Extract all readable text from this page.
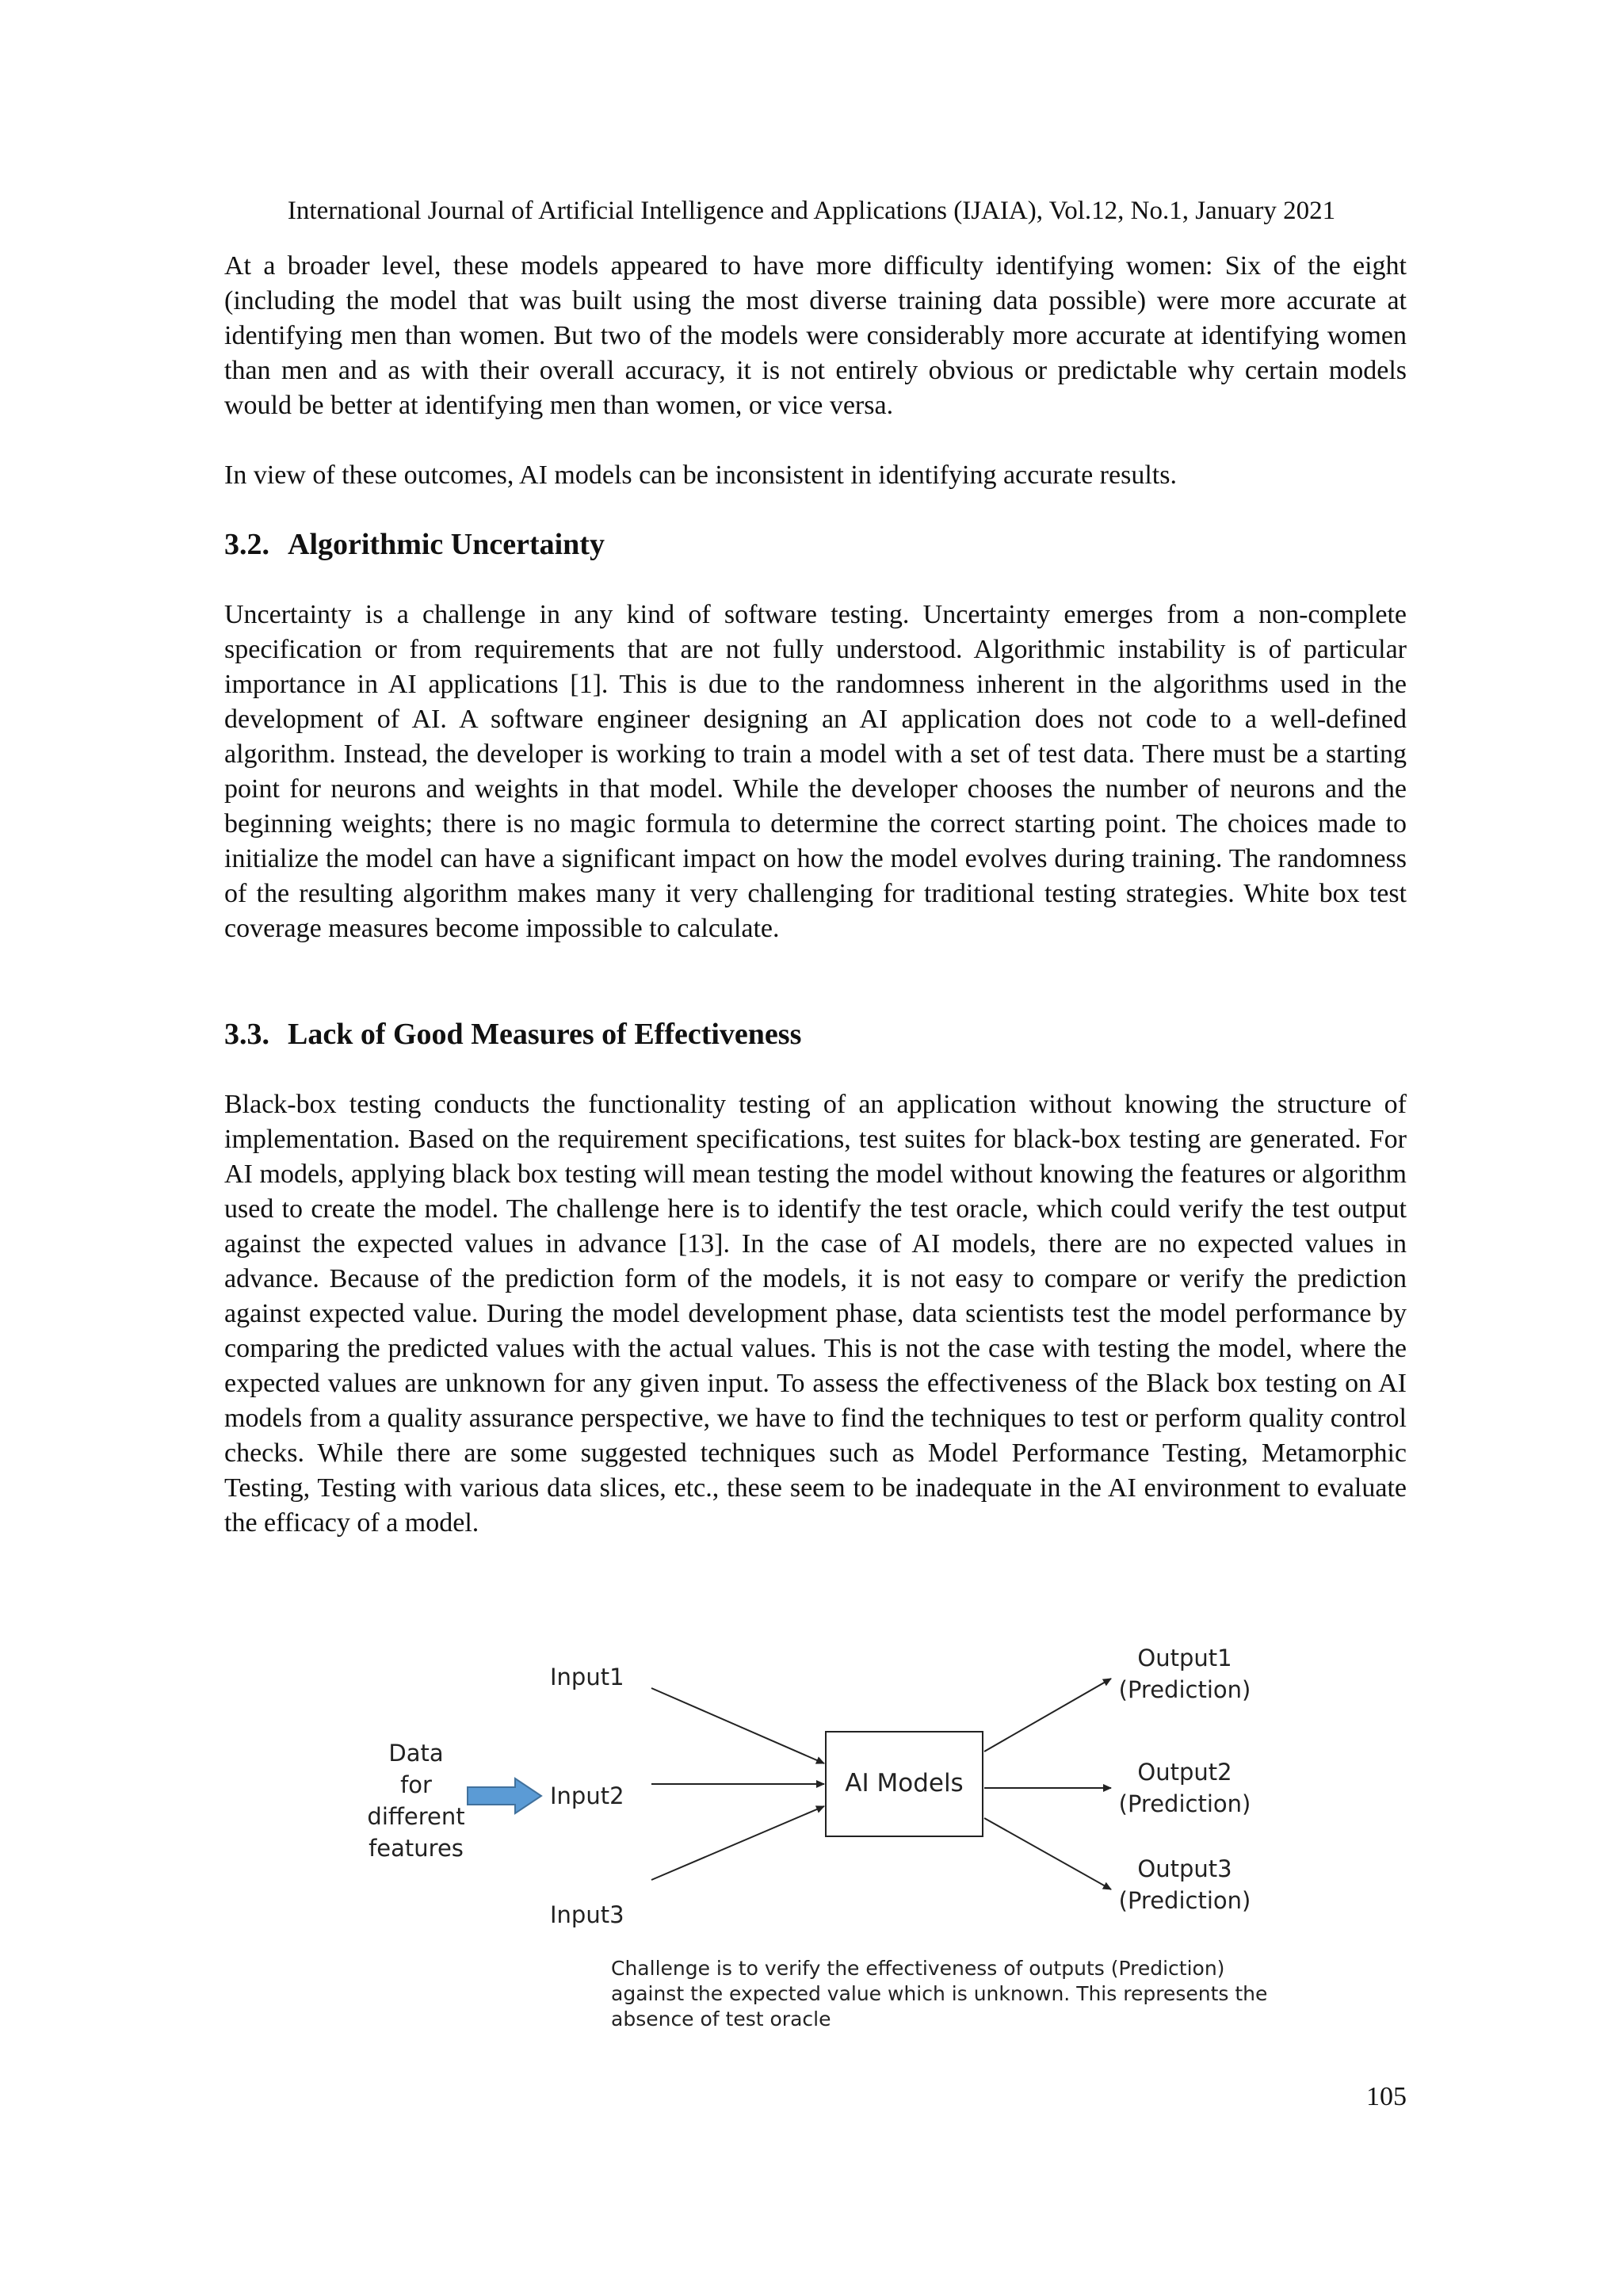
International Journal of Artificial Intelligence and Applications (IJAIA), Vol.12, No.1, January 2021

At a broader level, these models appeared to have more difficulty identifying women: Six of the eight (including the model that was built using the most diverse training data possible) were more accurate at identifying men than women. But two of the models were considerably more accurate at identifying women than men and as with their overall accuracy, it is not entirely obvious or predictable why certain models would be better at identifying men than women, or vice versa.

In view of these outcomes, AI models can be inconsistent in identifying accurate results.

3.2. Algorithmic Uncertainty

Uncertainty is a challenge in any kind of software testing. Uncertainty emerges from a non-complete specification or from requirements that are not fully understood. Algorithmic instability is of particular importance in AI applications [1]. This is due to the randomness inherent in the algorithms used in the development of AI. A software engineer designing an AI application does not code to a well-defined algorithm. Instead, the developer is working to train a model with a set of test data. There must be a starting point for neurons and weights in that model. While the developer chooses the number of neurons and the beginning weights; there is no magic formula to determine the correct starting point. The choices made to initialize the model can have a significant impact on how the model evolves during training. The randomness of the resulting algorithm makes many it very challenging for traditional testing strategies. White box test coverage measures become impossible to calculate.

3.3. Lack of Good Measures of Effectiveness

Black-box testing conducts the functionality testing of an application without knowing the structure of implementation. Based on the requirement specifications, test suites for black-box testing are generated. For AI models, applying black box testing will mean testing the model without knowing the features or algorithm used to create the model. The challenge here is to identify the test oracle, which could verify the test output against the expected values in advance [13]. In the case of AI models, there are no expected values in advance. Because of the prediction form of the models, it is not easy to compare or verify the prediction against expected value. During the model development phase, data scientists test the model performance by comparing the predicted values with the actual values. This is not the case with testing the model, where the expected values are unknown for any given input. To assess the effectiveness of the Black box testing on AI models from a quality assurance perspective, we have to find the techniques to test or perform quality control checks. While there are some suggested techniques such as Model Performance Testing, Metamorphic Testing, Testing with various data slices, etc., these seem to be inadequate in the AI environment to evaluate the efficacy of a model.

Data
for
different
features
Input1
Input2
Input3
AI Models
Output1
(Prediction)
Output2
(Prediction)
Output3
(Prediction)
Challenge is to verify the effectiveness of outputs (Prediction) against the expected value which is unknown. This represents the absence of test oracle
105
